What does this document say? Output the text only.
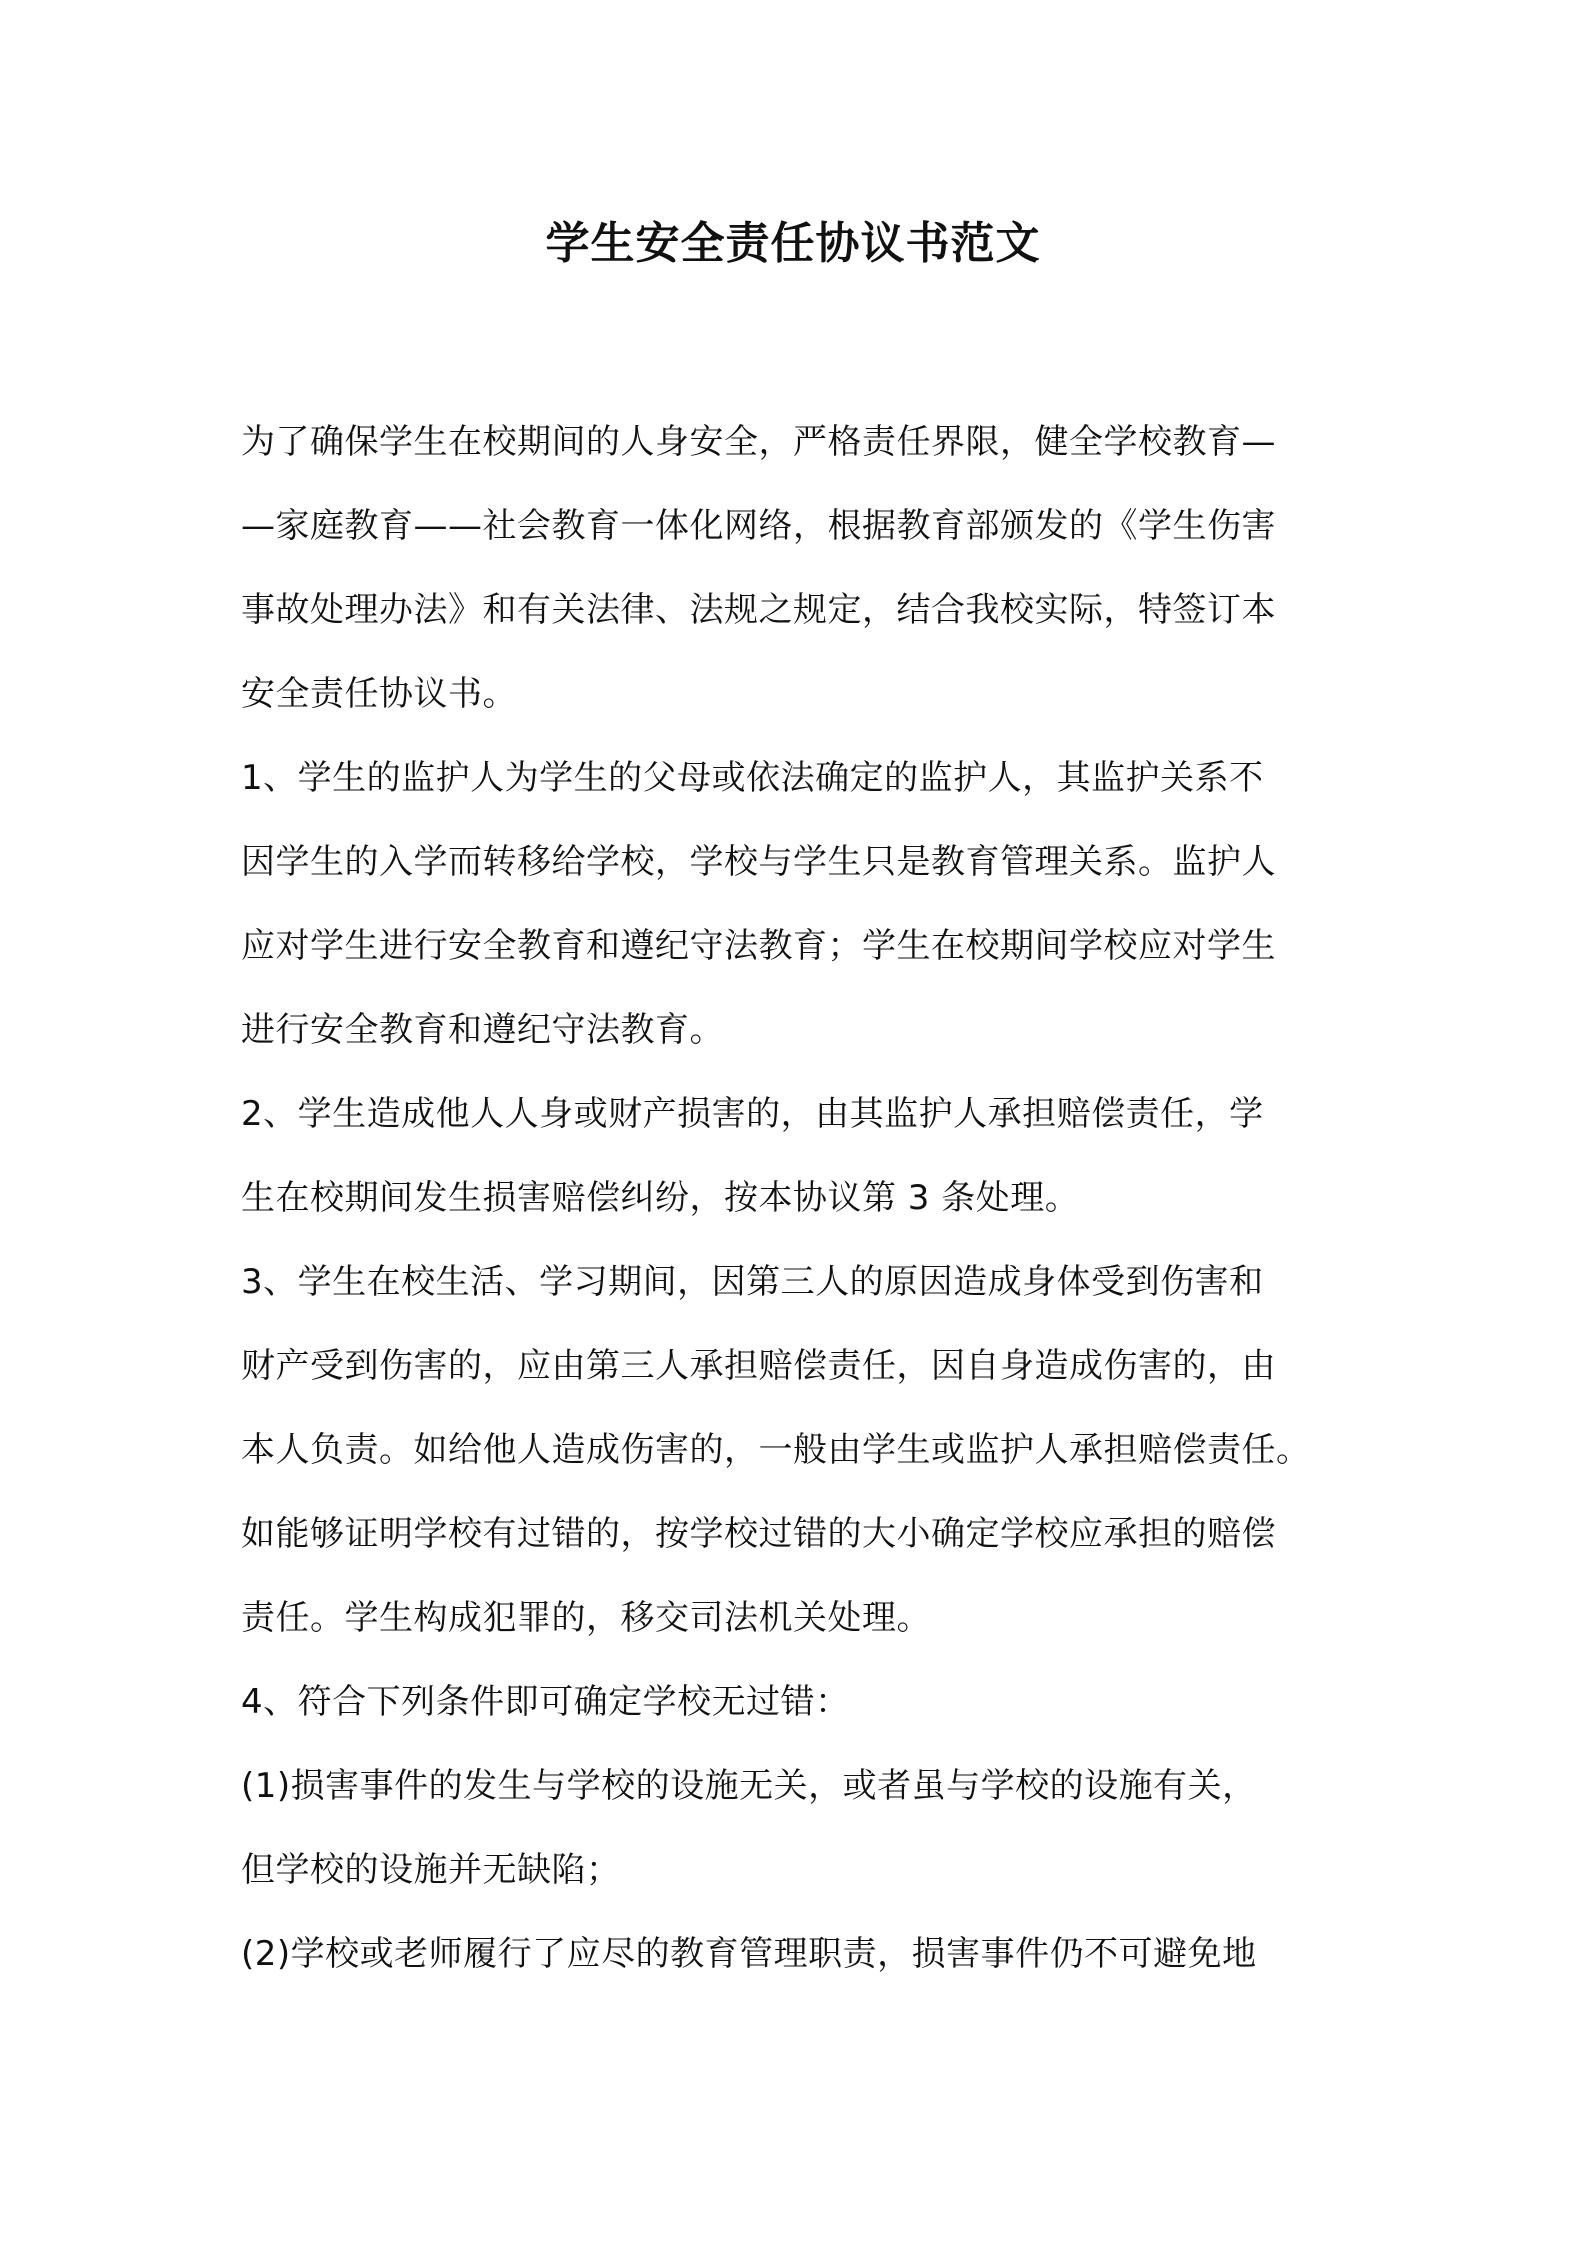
学生安全责任协议书范文
为了确保学生在校期间的人身安全，严格责任界限，健全学校教育—
—家庭教育——社会教育一体化网络，根据教育部颁发的《学生伤害
事故处理办法》和有关法律、法规之规定，结合我校实际，特签订本
安全责任协议书。
1、学生的监护人为学生的父母或依法确定的监护人，其监护关系不
因学生的入学而转移给学校，学校与学生只是教育管理关系。监护人
应对学生进行安全教育和遵纪守法教育；学生在校期间学校应对学生
进行安全教育和遵纪守法教育。
2、学生造成他人人身或财产损害的，由其监护人承担赔偿责任，学
生在校期间发生损害赔偿纠纷，按本协议第 3 条处理。
3、学生在校生活、学习期间，因第三人的原因造成身体受到伤害和
财产受到伤害的，应由第三人承担赔偿责任，因自身造成伤害的，由
本人负责。如给他人造成伤害的，一般由学生或监护人承担赔偿责任。
如能够证明学校有过错的，按学校过错的大小确定学校应承担的赔偿
责任。学生构成犯罪的，移交司法机关处理。
4、符合下列条件即可确定学校无过错：
(1)损害事件的发生与学校的设施无关，或者虽与学校的设施有关，
但学校的设施并无缺陷；
(2)学校或老师履行了应尽的教育管理职责，损害事件仍不可避免地
